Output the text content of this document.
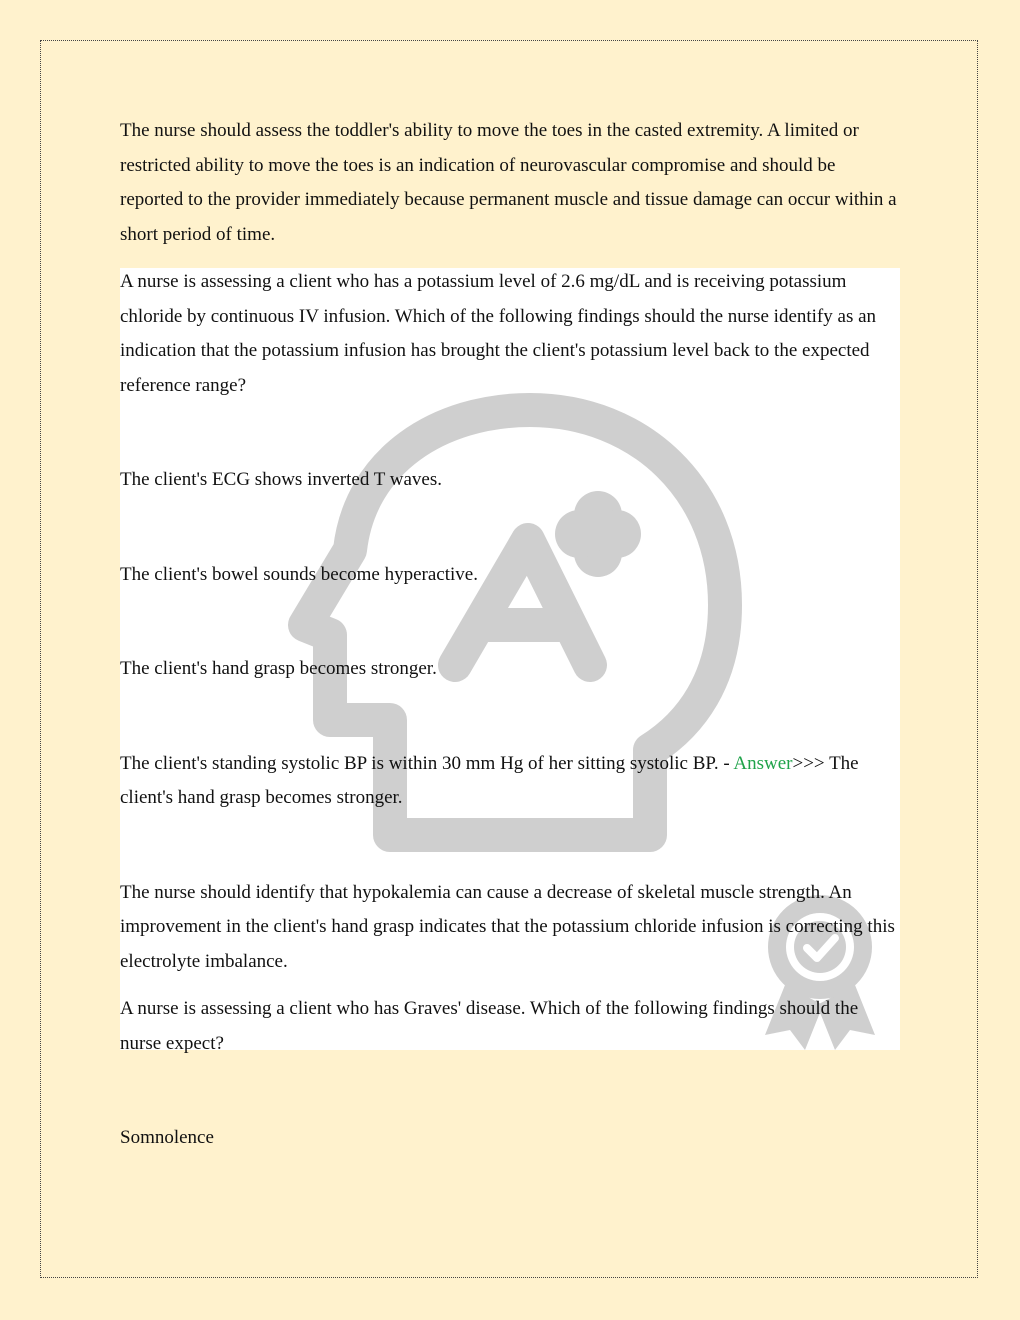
The nurse should assess the toddler's ability to move the toes in the casted extremity. A limited or restricted ability to move the toes is an indication of neurovascular compromise and should be reported to the provider immediately because permanent muscle and tissue damage can occur within a short period of time.

A nurse is assessing a client who has a potassium level of 2.6 mg/dL and is receiving potassium chloride by continuous IV infusion. Which of the following findings should the nurse identify as an indication that the potassium infusion has brought the client's potassium level back to the expected reference range?

The client's ECG shows inverted T waves.

The client's bowel sounds become hyperactive.

The client's hand grasp becomes stronger.

The client's standing systolic BP is within 30 mm Hg of her sitting systolic BP. - Answer>>> The client's hand grasp becomes stronger.

The nurse should identify that hypokalemia can cause a decrease of skeletal muscle strength. An improvement in the client's hand grasp indicates that the potassium chloride infusion is correcting this electrolyte imbalance.

A nurse is assessing a client who has Graves' disease. Which of the following findings should the nurse expect?

Somnolence
